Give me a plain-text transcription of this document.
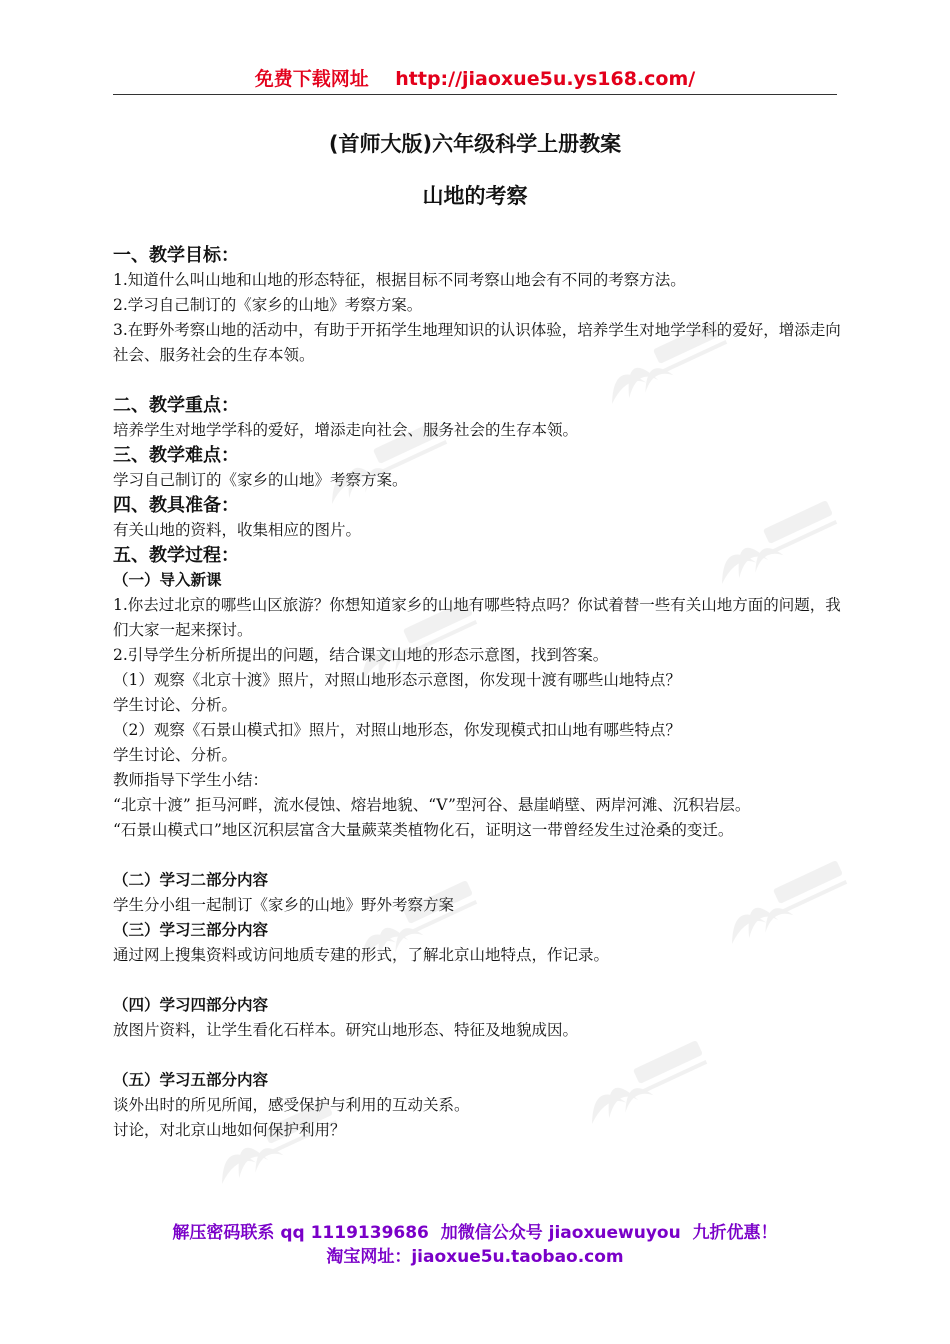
免费下载网址    http://jiaoxue5u.ys168.com/
(首师大版)六年级科学上册教案
山地的考察
一、教学目标：
1.知道什么叫山地和山地的形态特征，根据目标不同考察山地会有不同的考察方法。
2.学习自己制订的《家乡的山地》考察方案。
3.在野外考察山地的活动中，有助于开拓学生地理知识的认识体验，培养学生对地学学科的爱好，增添走向社会、服务社会的生存本领。
二、教学重点：
培养学生对地学学科的爱好，增添走向社会、服务社会的生存本领。
三、教学难点：
学习自己制订的《家乡的山地》考察方案。
四、教具准备：
有关山地的资料，收集相应的图片。
五、教学过程：
（一）导入新课
1.你去过北京的哪些山区旅游？你想知道家乡的山地有哪些特点吗？你试着替一些有关山地方面的问题，我们大家一起来探讨。
2.引导学生分析所提出的问题，结合课文山地的形态示意图，找到答案。
（1）观察《北京十渡》照片，对照山地形态示意图，你发现十渡有哪些山地特点？
学生讨论、分析。
（2）观察《石景山模式扣》照片，对照山地形态，你发现模式扣山地有哪些特点？
学生讨论、分析。
教师指导下学生小结：
“北京十渡” 拒马河畔，流水侵蚀、熔岩地貌、“V”型河谷、悬崖峭壁、两岸河滩、沉积岩层。
“石景山模式口”地区沉积层富含大量蕨菜类植物化石，证明这一带曾经发生过沧桑的变迁。
（二）学习二部分内容
学生分小组一起制订《家乡的山地》野外考察方案
（三）学习三部分内容
通过网上搜集资料或访问地质专建的形式，了解北京山地特点，作记录。
（四）学习四部分内容
放图片资料，让学生看化石样本。研究山地形态、特征及地貌成因。
（五）学习五部分内容
谈外出时的所见所闻，感受保护与利用的互动关系。
讨论，对北京山地如何保护利用？
解压密码联系 qq 1119139686  加微信公众号 jiaoxuewuyou  九折优惠！
淘宝网址：jiaoxue5u.taobao.com
